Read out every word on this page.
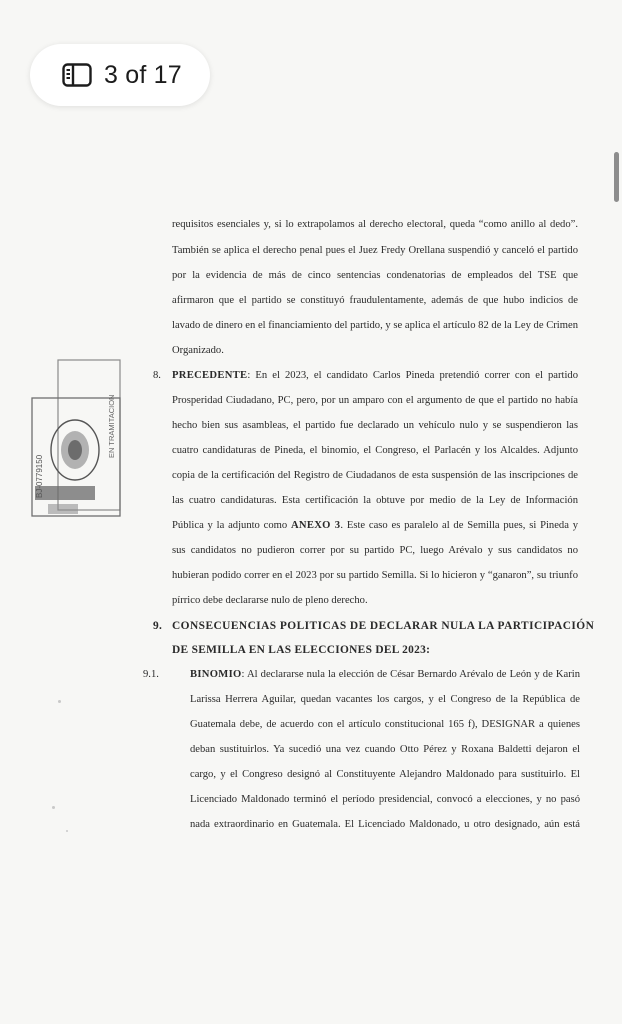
3 of 17
BJ-0779150
EN TRAMITACION
requisitos esenciales y, si lo extrapolamos al derecho electoral, queda “como anillo al dedo”.
También se aplica el derecho penal pues el Juez Fredy Orellana suspendió y canceló el partido
por la evidencia de más de cinco sentencias condenatorias de empleados del TSE que
afirmaron que el partido se constituyó fraudulentamente, además de que hubo indicios de
lavado de dinero en el financiamiento del partido, y se aplica el artículo 82 de la Ley de Crimen
Organizado.
8. PRECEDENTE: En el 2023, el candidato Carlos Pineda pretendió correr con el partido
Prosperidad Ciudadano, PC, pero, por un amparo con el argumento de que el partido no había
hecho bien sus asambleas, el partido fue declarado un vehículo nulo y se suspendieron las
cuatro candidaturas de Pineda, el binomio, el Congreso, el Parlacén y los Alcaldes. Adjunto
copia de la certificación del Registro de Ciudadanos de esta suspensión de las inscripciones de
las cuatro candidaturas. Esta certificación la obtuve por medio de la Ley de Información
Pública y la adjunto como ANEXO 3. Este caso es paralelo al de Semilla pues, si Pineda y
sus candidatos no pudieron correr por su partido PC, luego Arévalo y sus candidatos no
hubieran podido correr en el 2023 por su partido Semilla. Si lo hicieron y “ganaron”, su triunfo
pírrico debe declararse nulo de pleno derecho.
9. CONSECUENCIAS POLITICAS DE DECLARAR NULA LA PARTICIPACIÓN
DE SEMILLA EN LAS ELECCIONES DEL 2023:
9.1.	BINOMIO: Al declararse nula la elección de César Bernardo Arévalo de León y de Karin
Larissa Herrera Aguilar, quedan vacantes los cargos, y el Congreso de la República de
Guatemala debe, de acuerdo con el artículo constitucional 165 f), DESIGNAR a quienes
deban sustituirlos. Ya sucedió una vez cuando Otto Pérez y Roxana Baldetti dejaron el
cargo, y el Congreso designó al Constituyente Alejandro Maldonado para sustituirlo. El
Licenciado Maldonado terminó el período presidencial, convocó a elecciones, y no pasó
nada extraordinario en Guatemala. El Licenciado Maldonado, u otro designado, aún está
